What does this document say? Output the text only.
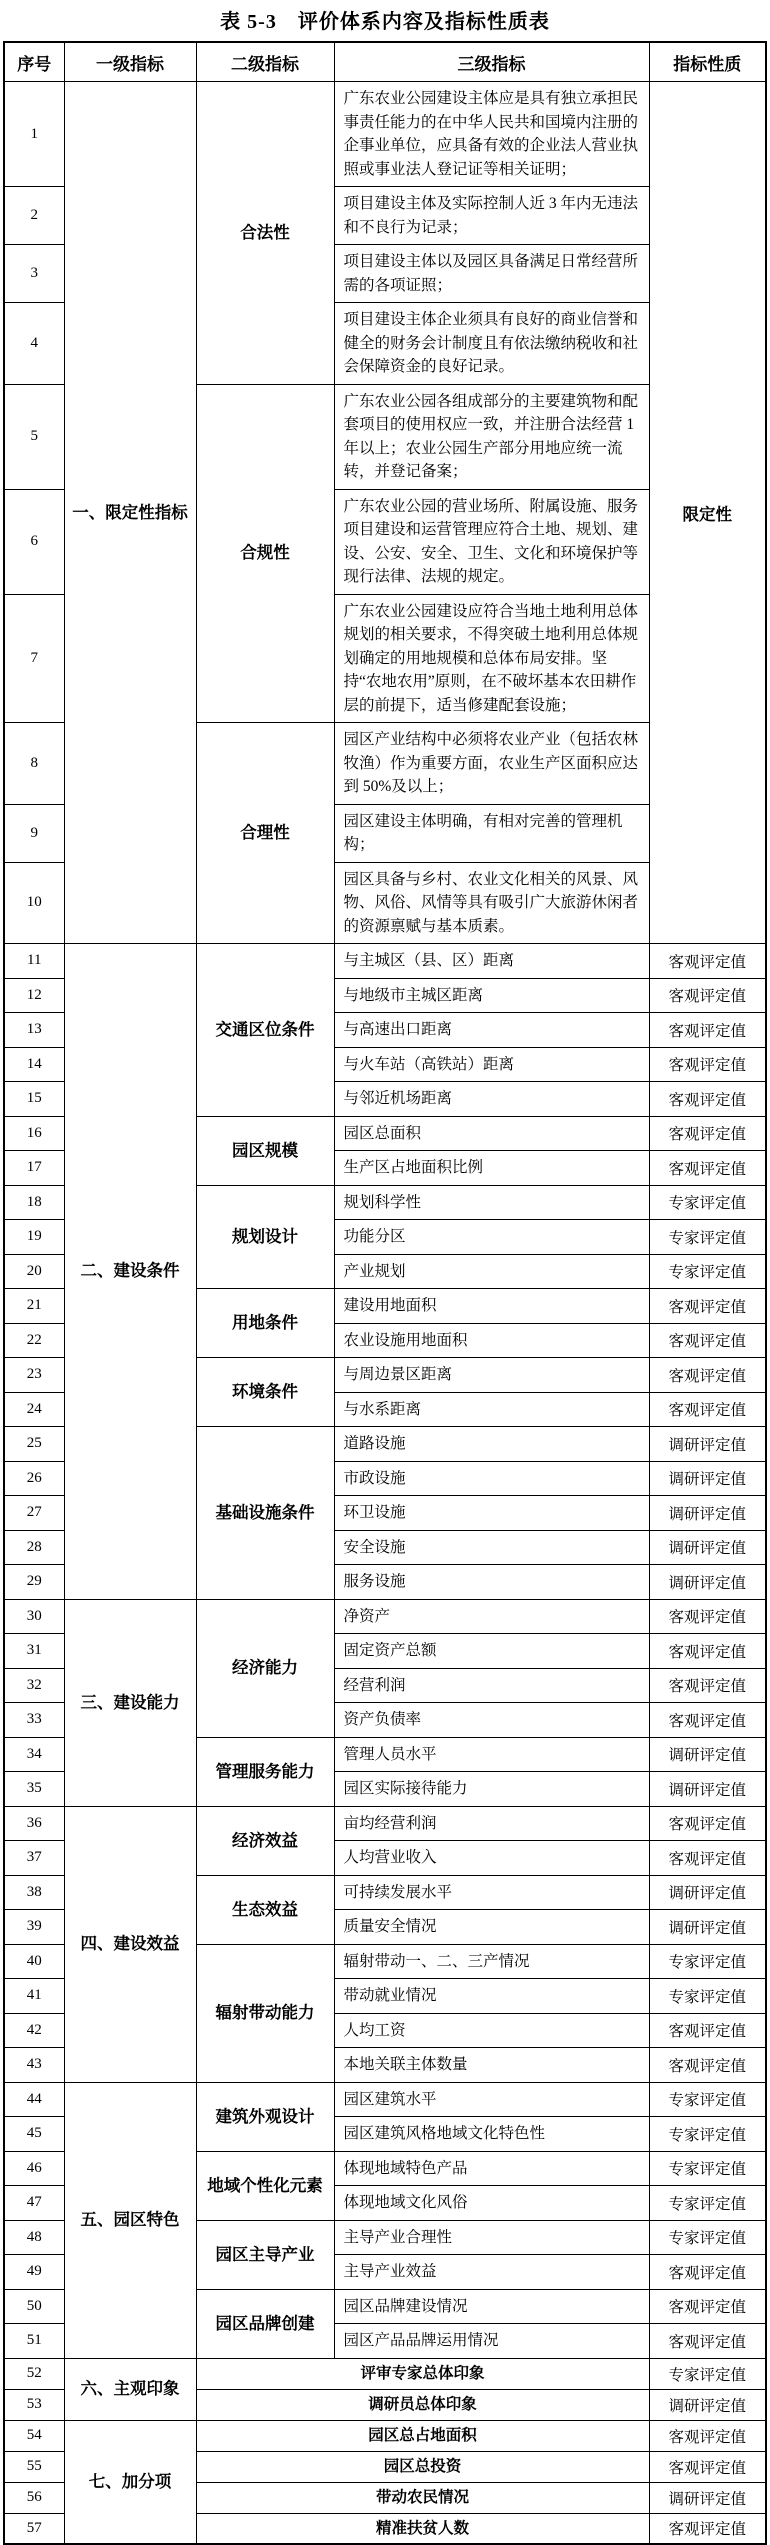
表 5-3　评价体系内容及指标性质表
序号	一级指标	二级指标	三级指标	指标性质
1	一、限定性指标	合法性	广东农业公园建设主体应是具有独立承担民事责任能力的在中华人民共和国境内注册的企事业单位，应具备有效的企业法人营业执照或事业法人登记证等相关证明；	限定性
2			项目建设主体及实际控制人近 3 年内无违法和不良行为记录；	
3			项目建设主体以及园区具备满足日常经营所需的各项证照；	
4			项目建设主体企业须具有良好的商业信誉和健全的财务会计制度且有依法缴纳税收和社会保障资金的良好记录。	
5		合规性	广东农业公园各组成部分的主要建筑物和配套项目的使用权应一致，并注册合法经营 1 年以上；农业公园生产部分用地应统一流转，并登记备案；	
6			广东农业公园的营业场所、附属设施、服务项目建设和运营管理应符合土地、规划、建设、公安、安全、卫生、文化和环境保护等现行法律、法规的规定。	
7			广东农业公园建设应符合当地土地利用总体规划的相关要求，不得突破土地利用总体规划确定的用地规模和总体布局安排。坚持“农地农用”原则，在不破坏基本农田耕作层的前提下，适当修建配套设施；	
8		合理性	园区产业结构中必须将农业产业（包括农林牧渔）作为重要方面，农业生产区面积应达到 50%及以上；	
9			园区建设主体明确，有相对完善的管理机构；	
10			园区具备与乡村、农业文化相关的风景、风物、风俗、风情等具有吸引广大旅游休闲者的资源禀赋与基本质素。	
11	二、建设条件	交通区位条件	与主城区（县、区）距离	客观评定值
12			与地级市主城区距离	客观评定值
13			与高速出口距离	客观评定值
14			与火车站（高铁站）距离	客观评定值
15			与邻近机场距离	客观评定值
16		园区规模	园区总面积	客观评定值
17			生产区占地面积比例	客观评定值
18		规划设计	规划科学性	专家评定值
19			功能分区	专家评定值
20			产业规划	专家评定值
21		用地条件	建设用地面积	客观评定值
22			农业设施用地面积	客观评定值
23		环境条件	与周边景区距离	客观评定值
24			与水系距离	客观评定值
25		基础设施条件	道路设施	调研评定值
26			市政设施	调研评定值
27			环卫设施	调研评定值
28			安全设施	调研评定值
29			服务设施	调研评定值
30	三、建设能力	经济能力	净资产	客观评定值
31			固定资产总额	客观评定值
32			经营利润	客观评定值
33			资产负债率	客观评定值
34		管理服务能力	管理人员水平	调研评定值
35			园区实际接待能力	调研评定值
36	四、建设效益	经济效益	亩均经营利润	客观评定值
37			人均营业收入	客观评定值
38		生态效益	可持续发展水平	调研评定值
39			质量安全情况	调研评定值
40		辐射带动能力	辐射带动一、二、三产情况	专家评定值
41			带动就业情况	专家评定值
42			人均工资	客观评定值
43			本地关联主体数量	客观评定值
44	五、园区特色	建筑外观设计	园区建筑水平	专家评定值
45			园区建筑风格地域文化特色性	专家评定值
46		地域个性化元素	体现地域特色产品	专家评定值
47			体现地域文化风俗	专家评定值
48		园区主导产业	主导产业合理性	专家评定值
49			主导产业效益	客观评定值
50		园区品牌创建	园区品牌建设情况	客观评定值
51			园区产品品牌运用情况	客观评定值
52	六、主观印象	评审专家总体印象		专家评定值
53		调研员总体印象		调研评定值
54	七、加分项	园区总占地面积		客观评定值
55		园区总投资		客观评定值
56		带动农民情况		调研评定值
57		精准扶贫人数		客观评定值
